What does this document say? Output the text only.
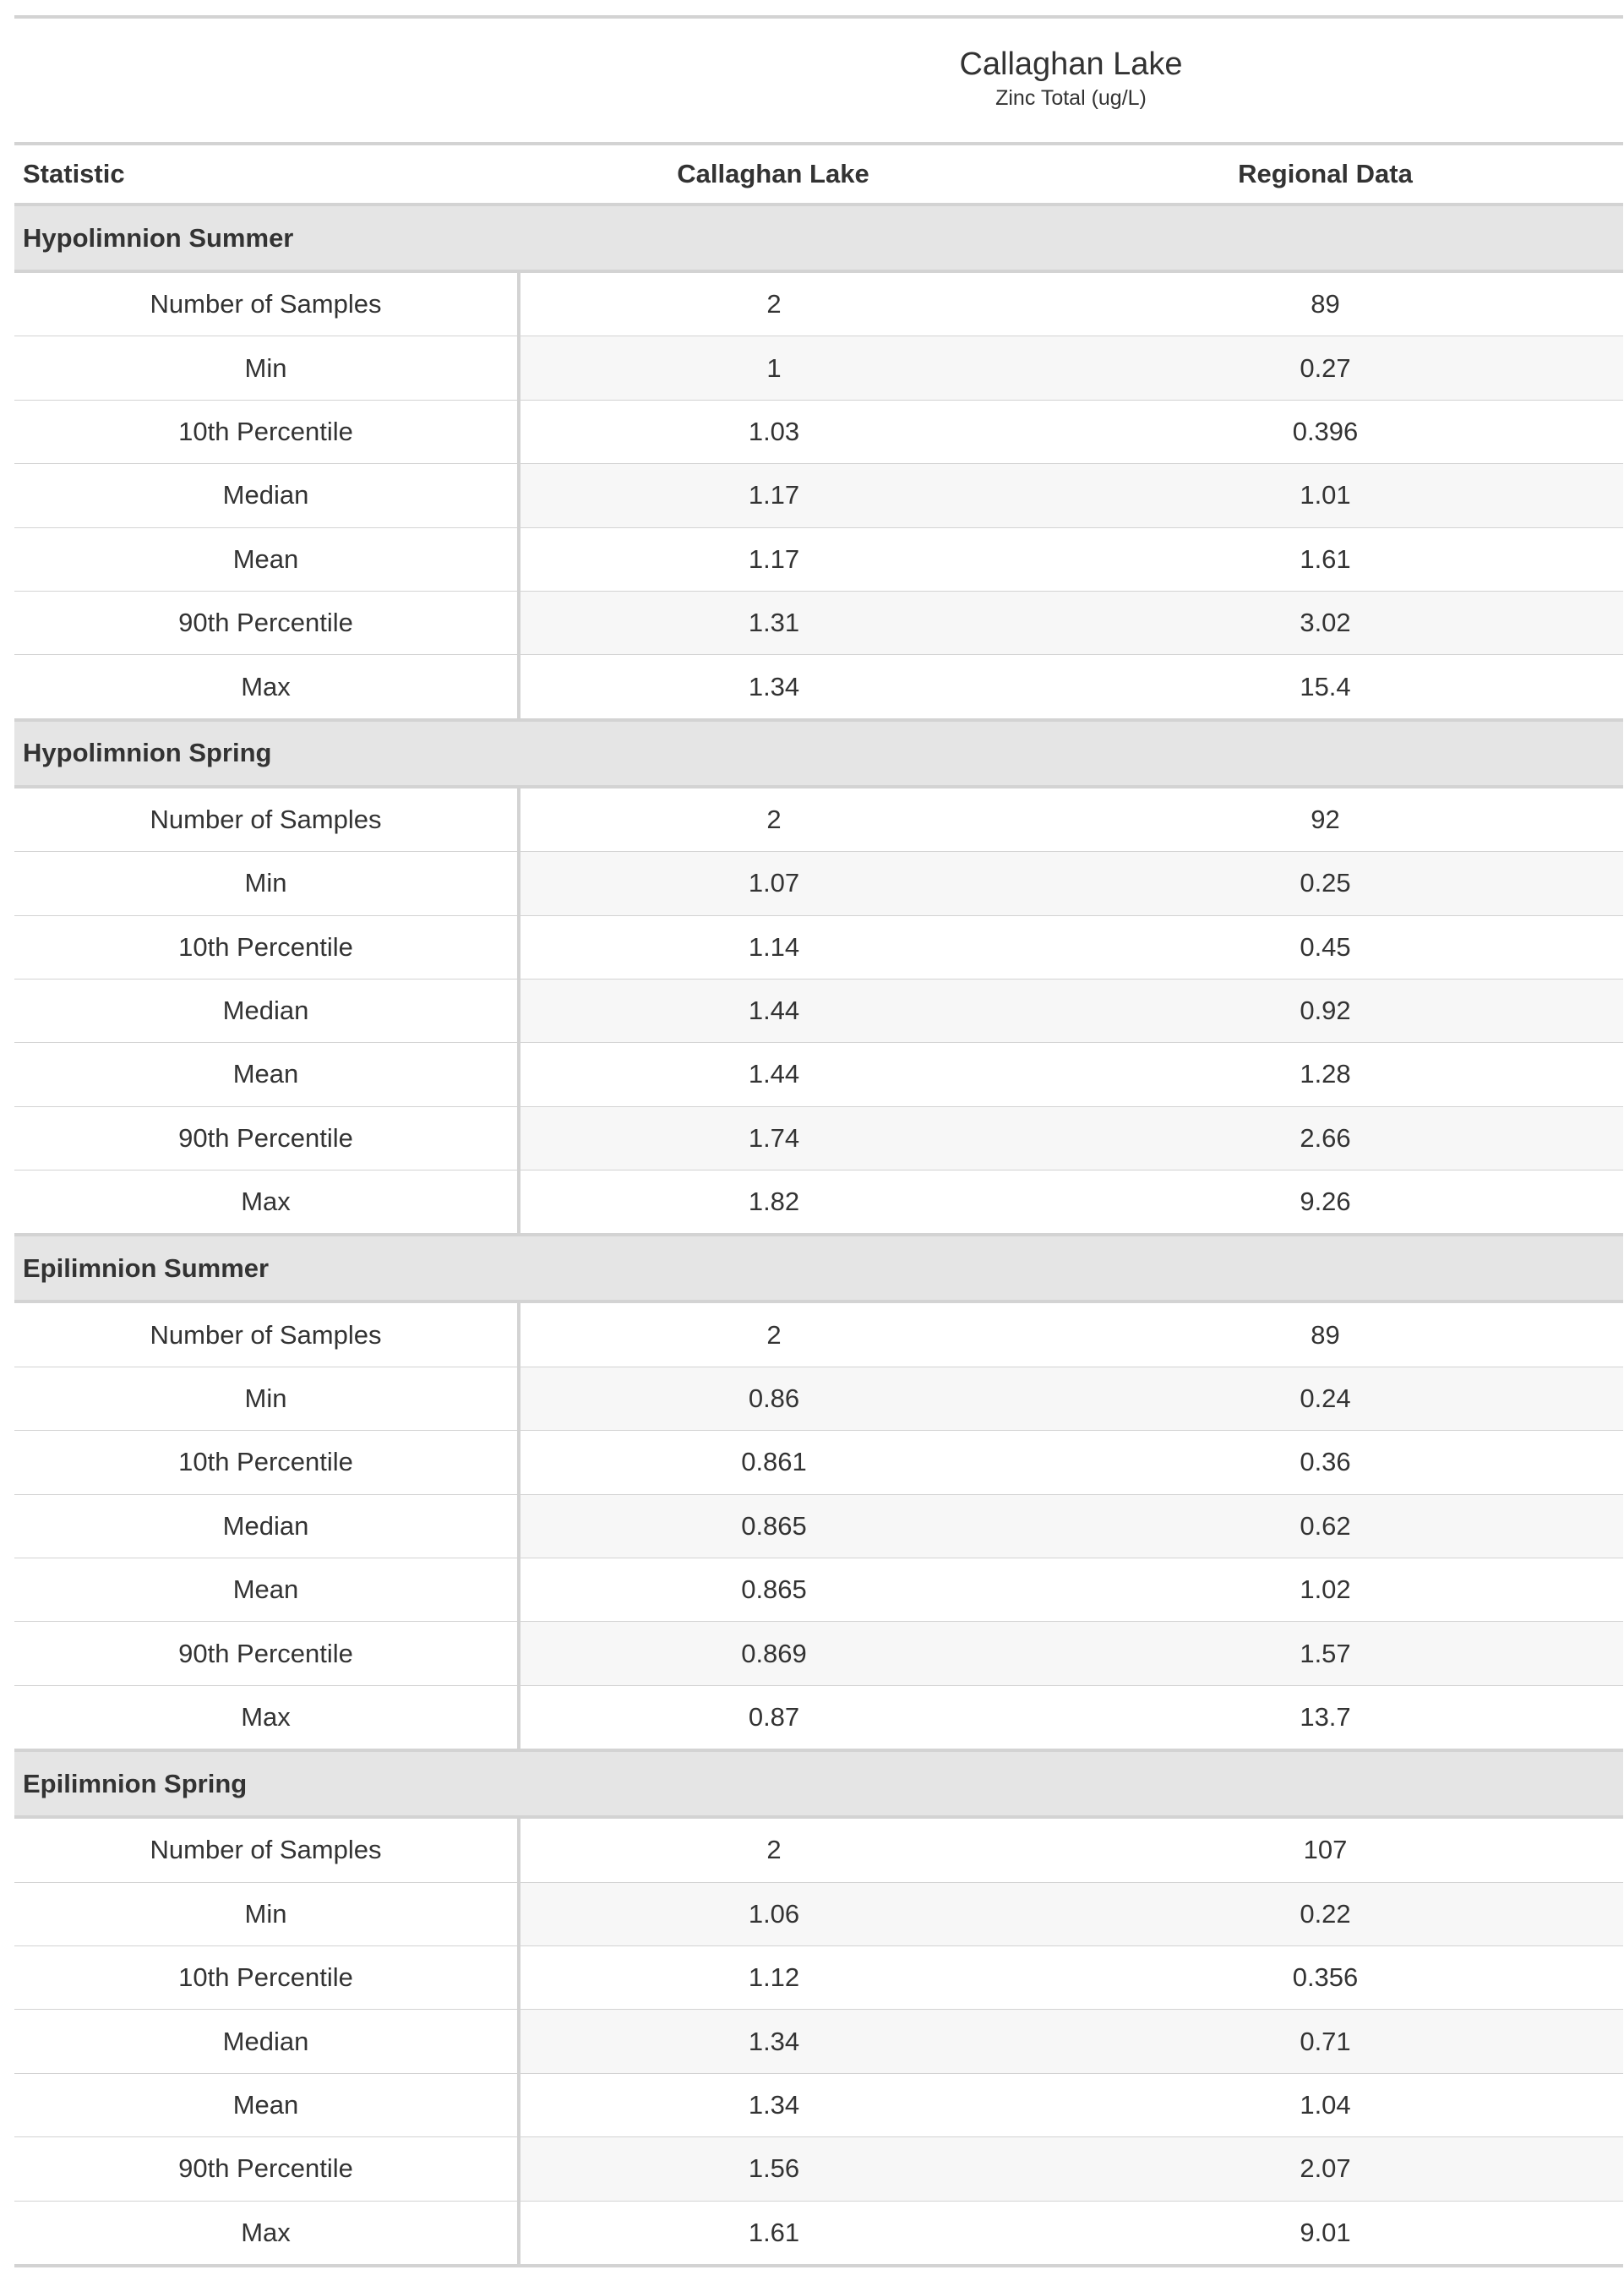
	Callaghan Lake	
	Zinc Total (ug/L)	
Statistic	Callaghan Lake	Regional Data
Hypolimnion Summer		
Number of Samples	2	89
Min	1	0.27
10th Percentile	1.03	0.396
Median	1.17	1.01
Mean	1.17	1.61
90th Percentile	1.31	3.02
Max	1.34	15.4
Hypolimnion Spring		
Number of Samples	2	92
Min	1.07	0.25
10th Percentile	1.14	0.45
Median	1.44	0.92
Mean	1.44	1.28
90th Percentile	1.74	2.66
Max	1.82	9.26
Epilimnion Summer		
Number of Samples	2	89
Min	0.86	0.24
10th Percentile	0.861	0.36
Median	0.865	0.62
Mean	0.865	1.02
90th Percentile	0.869	1.57
Max	0.87	13.7
Epilimnion Spring		
Number of Samples	2	107
Min	1.06	0.22
10th Percentile	1.12	0.356
Median	1.34	0.71
Mean	1.34	1.04
90th Percentile	1.56	2.07
Max	1.61	9.01
